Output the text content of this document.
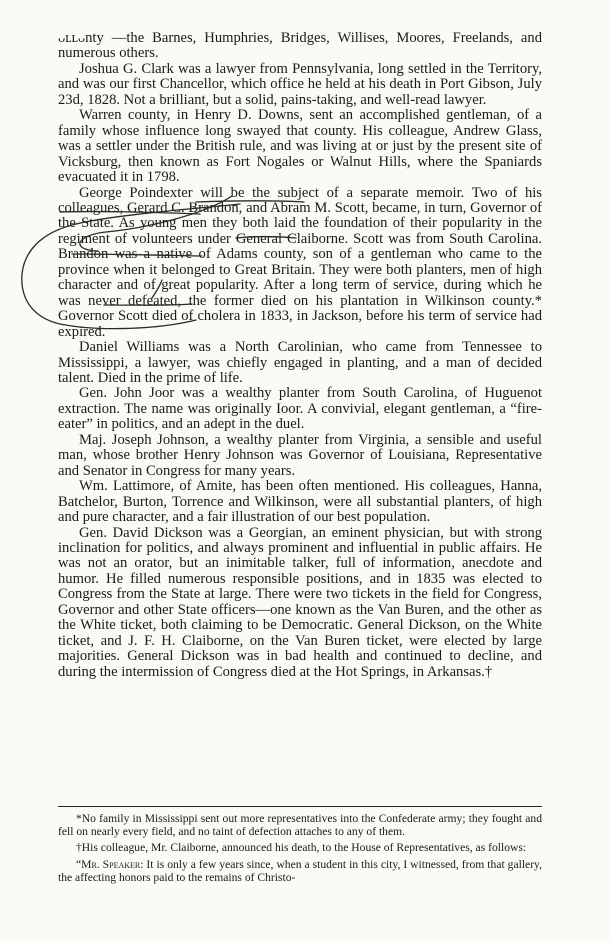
ᴗʟʟᴗnty —the Barnes, Humphries, Bridges, Willises, Moores, Freelands, and numerous others.

Joshua G. Clark was a lawyer from Pennsylvania, long settled in the Territory, and was our first Chancellor, which office he held at his death in Port Gibson, July 23d, 1828. Not a brilliant, but a solid, pains-taking, and well-read lawyer.

Warren county, in Henry D. Downs, sent an accomplished gentleman, of a family whose influence long swayed that county. His colleague, Andrew Glass, was a settler under the British rule, and was living at or just by the present site of Vicksburg, then known as Fort Nogales or Walnut Hills, where the Spaniards evacuated it in 1798.

George Poindexter will be the subject of a separate memoir. Two of his colleagues, Gerard C. Brandon, and Abram M. Scott, became, in turn, Governor of the State. As young men they both laid the foundation of their popularity in the regiment of volunteers under General Claiborne. Scott was from South Carolina. Brandon was a native of Adams county, son of a gentleman who came to the province when it belonged to Great Britain. They were both planters, men of high character and of great popularity. After a long term of service, during which he was never defeated, the former died on his plantation in Wilkinson county.* Governor Scott died of cholera in 1833, in Jackson, before his term of service had expired.

Daniel Williams was a North Carolinian, who came from Tennessee to Mississippi, a lawyer, was chiefly engaged in planting, and a man of decided talent. Died in the prime of life.

Gen. John Joor was a wealthy planter from South Carolina, of Huguenot extraction. The name was originally Ioor. A convivial, elegant gentleman, a “fire-eater” in politics, and an adept in the duel.

Maj. Joseph Johnson, a wealthy planter from Virginia, a sensible and useful man, whose brother Henry Johnson was Governor of Louisiana, Representative and Senator in Congress for many years.

Wm. Lattimore, of Amite, has been often mentioned. His colleagues, Hanna, Batchelor, Burton, Torrence and Wilkinson, were all substantial planters, of high and pure character, and a fair illustration of our best population.

Gen. David Dickson was a Georgian, an eminent physician, but with strong inclination for politics, and always prominent and influential in public affairs. He was not an orator, but an inimitable talker, full of information, anecdote and humor. He filled numerous responsible positions, and in 1835 was elected to Congress from the State at large. There were two tickets in the field for Congress, Governor and other State officers—one known as the Van Buren, and the other as the White ticket, both claiming to be Democratic. General Dickson, on the White ticket, and J. F. H. Claiborne, on the Van Buren ticket, were elected by large majorities. General Dickson was in bad health and continued to decline, and during the intermission of Congress died at the Hot Springs, in Arkansas.†

*No family in Mississippi sent out more representatives into the Confederate army; they fought and fell on nearly every field, and no taint of defection attaches to any of them.

†His colleague, Mr. Claiborne, announced his death, to the House of Representatives, as follows:

“Mr. Speaker: It is only a few years since, when a student in this city, I witnessed, from that gallery, the affecting honors paid to the remains of Christo-
